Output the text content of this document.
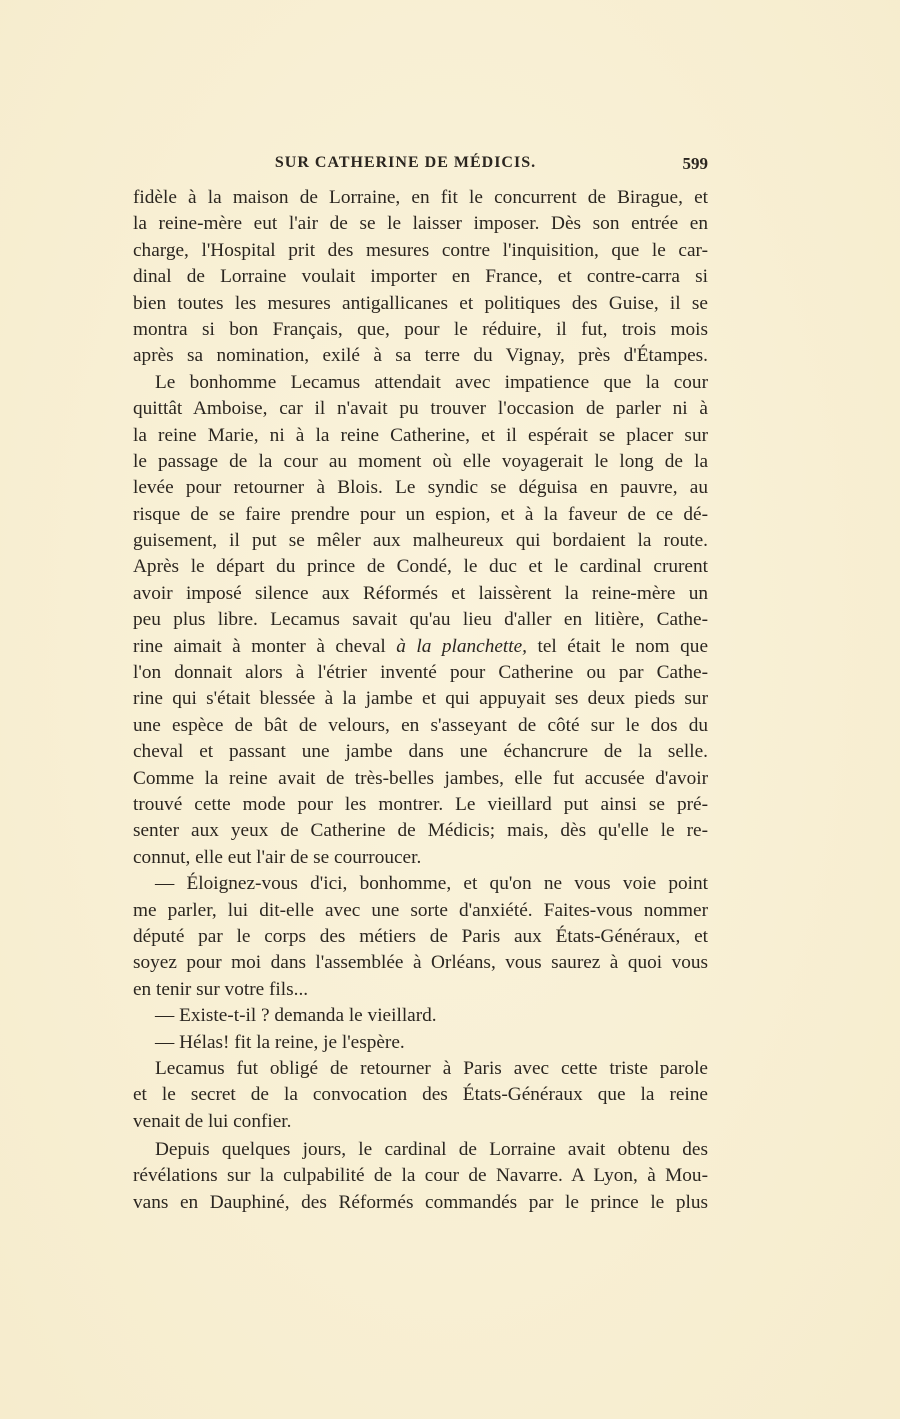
SUR CATHERINE DE MÉDICIS.	599
fidèle à la maison de Lorraine, en fit le concurrent de Birague, et
la reine-mère eut l'air de se le laisser imposer. Dès son entrée en
charge, l'Hospital prit des mesures contre l'inquisition, que le car-
dinal de Lorraine voulait importer en France, et contre-carra si
bien toutes les mesures antigallicanes et politiques des Guise, il se
montra si bon Français, que, pour le réduire, il fut, trois mois
après sa nomination, exilé à sa terre du Vignay, près d'Étampes.
Le bonhomme Lecamus attendait avec impatience que la cour
quittât Amboise, car il n'avait pu trouver l'occasion de parler ni à
la reine Marie, ni à la reine Catherine, et il espérait se placer sur
le passage de la cour au moment où elle voyagerait le long de la
levée pour retourner à Blois. Le syndic se déguisa en pauvre, au
risque de se faire prendre pour un espion, et à la faveur de ce dé-
guisement, il put se mêler aux malheureux qui bordaient la route.
Après le départ du prince de Condé, le duc et le cardinal crurent
avoir imposé silence aux Réformés et laissèrent la reine-mère un
peu plus libre. Lecamus savait qu'au lieu d'aller en litière, Cathe-
rine aimait à monter à cheval à la planchette, tel était le nom que
l'on donnait alors à l'étrier inventé pour Catherine ou par Cathe-
rine qui s'était blessée à la jambe et qui appuyait ses deux pieds sur
une espèce de bât de velours, en s'asseyant de côté sur le dos du
cheval et passant une jambe dans une échancrure de la selle.
Comme la reine avait de très-belles jambes, elle fut accusée d'avoir
trouvé cette mode pour les montrer. Le vieillard put ainsi se pré-
senter aux yeux de Catherine de Médicis; mais, dès qu'elle le re-
connut, elle eut l'air de se courroucer.
— Éloignez-vous d'ici, bonhomme, et qu'on ne vous voie point
me parler, lui dit-elle avec une sorte d'anxiété. Faites-vous nommer
député par le corps des métiers de Paris aux États-Généraux, et
soyez pour moi dans l'assemblée à Orléans, vous saurez à quoi vous
en tenir sur votre fils...
— Existe-t-il ? demanda le vieillard.
— Hélas! fit la reine, je l'espère.
Lecamus fut obligé de retourner à Paris avec cette triste parole
et le secret de la convocation des États-Généraux que la reine
venait de lui confier.
Depuis quelques jours, le cardinal de Lorraine avait obtenu des
révélations sur la culpabilité de la cour de Navarre. A Lyon, à Mou-
vans en Dauphiné, des Réformés commandés par le prince le plus
